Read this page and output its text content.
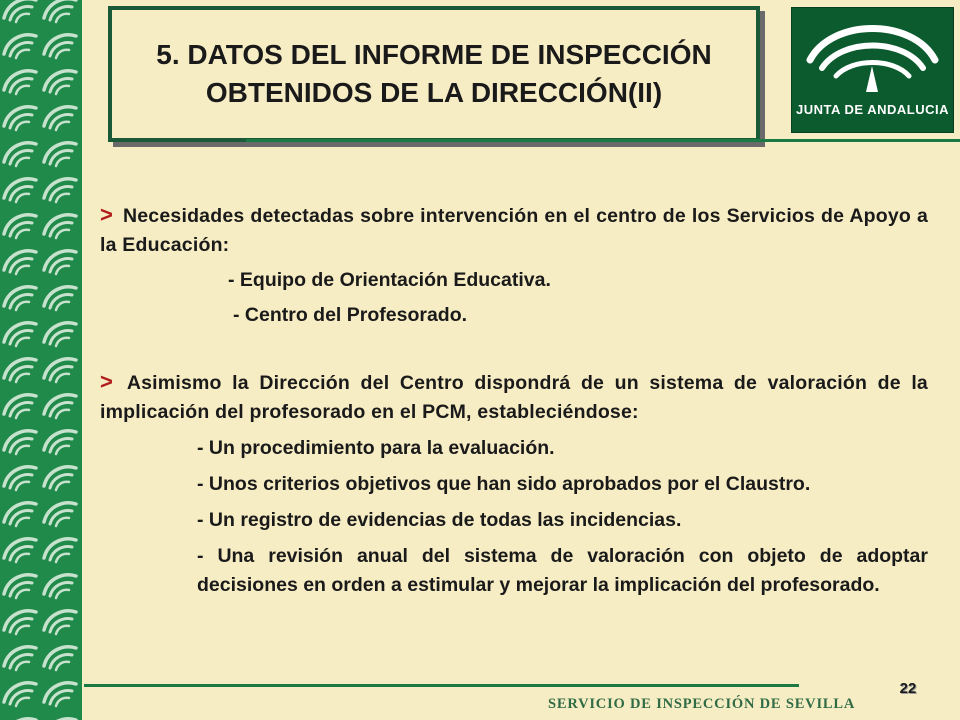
5. DATOS DEL INFORME DE INSPECCIÓN OBTENIDOS DE LA DIRECCIÓN(II)
JUNTA DE ANDALUCIA

> Necesidades detectadas sobre intervención en el centro de los Servicios de Apoyo a la Educación:

- Equipo de Orientación Educativa.

- Centro del Profesorado.

> Asimismo la Dirección del Centro dispondrá de un sistema de valoración de la implicación del profesorado en el PCM, estableciéndose:

- Un procedimiento para la evaluación.

- Unos criterios objetivos que han sido aprobados por el Claustro.

- Un registro de evidencias de todas las incidencias.

- Una revisión anual del sistema de valoración con objeto de adoptar decisiones en orden a estimular y mejorar la implicación del profesorado.

22
SERVICIO DE INSPECCIÓN DE SEVILLA
